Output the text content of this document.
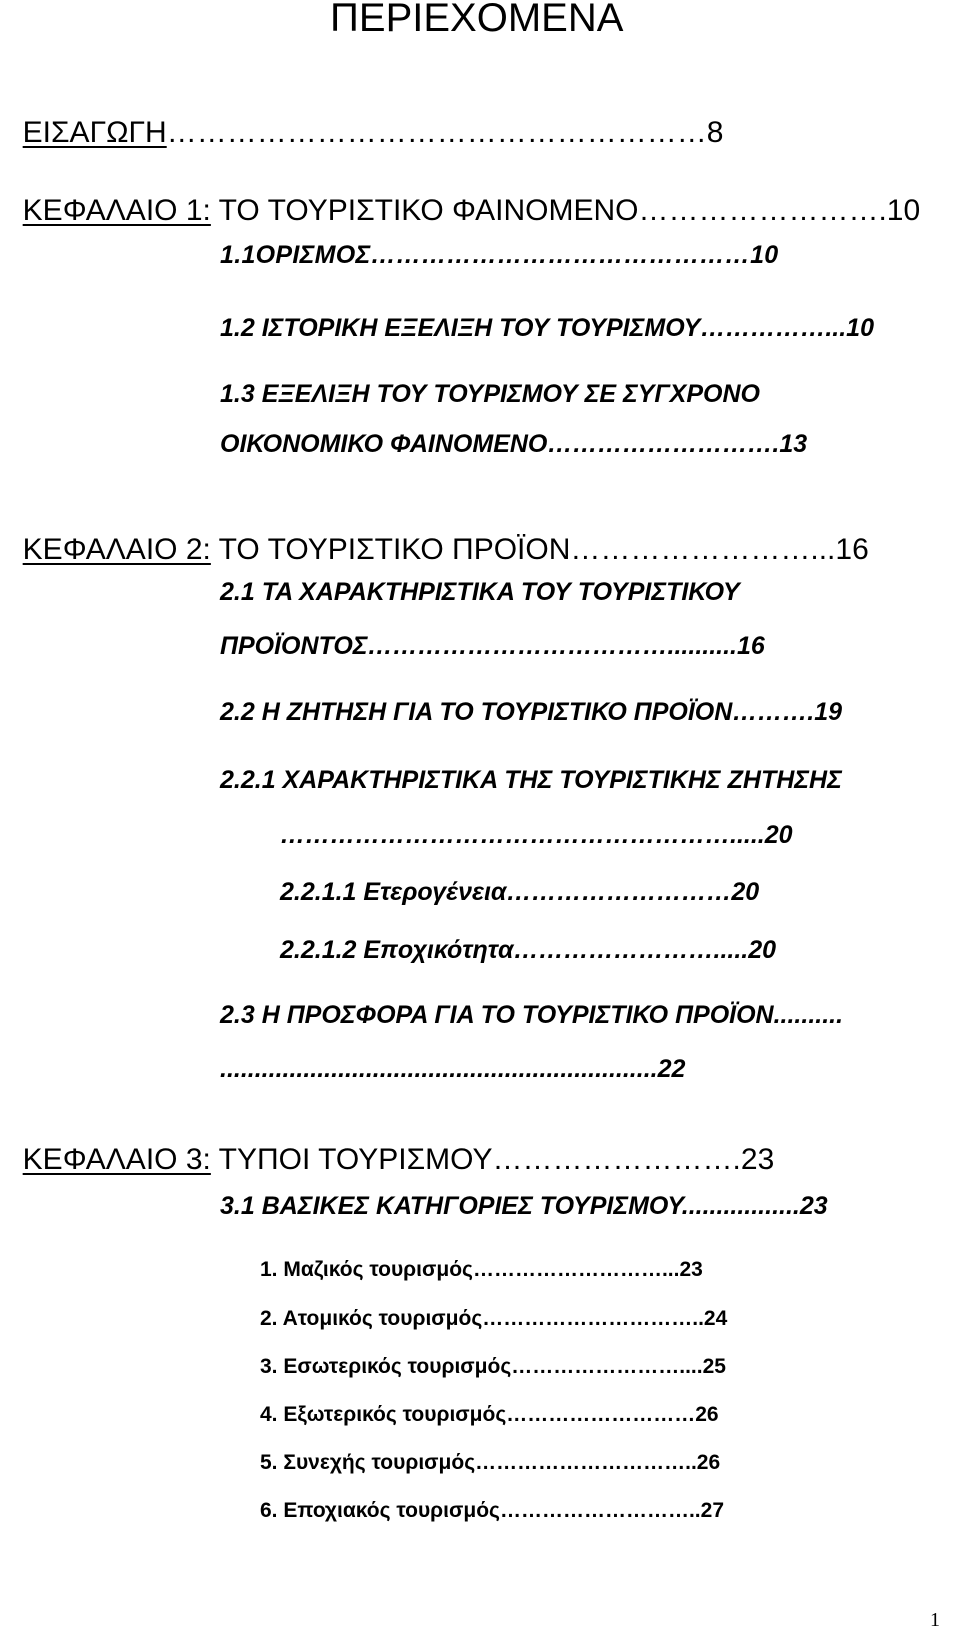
ΠΕΡΙΕΧΟΜΕΝΑ

ΕΙΣΑΓΩΓΗ………………………………………………8

ΚΕΦΑΛΑΙΟ 1: ΤΟ ΤΟΥΡΙΣΤΙΚΟ ΦΑΙΝΟΜΕΝΟ…………………….10

1.1ΟΡΙΣΜΟΣ………………………………………10
1.2 ΙΣΤΟΡΙΚΗ ΕΞΕΛΙΞΗ ΤΟΥ ΤΟΥΡΙΣΜΟΥ……………...10
1.3 ΕΞΕΛΙΞΗ ΤΟΥ ΤΟΥΡΙΣΜΟΥ ΣΕ ΣΥΓΧΡΟΝΟ
ΟΙΚΟΝΟΜΙΚΟ ΦΑΙΝΟΜΕΝΟ……………………….13

ΚΕΦΑΛΑΙΟ 2: ΤΟ ΤΟΥΡΙΣΤΙΚΟ ΠΡΟΪΟΝ……………………...16

2.1 ΤΑ ΧΑΡΑΚΤΗΡΙΣΤΙΚΑ ΤΟΥ ΤΟΥΡΙΣΤΙΚΟΥ
ΠΡΟΪΟΝΤΟΣ………………………………..........16
2.2 Η ΖΗΤΗΣΗ ΓΙΑ ΤΟ ΤΟΥΡΙΣΤΙΚΟ ΠΡΟΪΟΝ……….19
2.2.1 ΧΑΡΑΚΤΗΡΙΣΤΙΚΑ ΤΗΣ ΤΟΥΡΙΣΤΙΚΗΣ ΖΗΤΗΣΗΣ
……………………………………………….....20
2.2.1.1 Ετερογένεια………………………20
2.2.1.2 Εποχικότητα…………………….....20
2.3 Η ΠΡΟΣΦΟΡΑ ΓΙΑ ΤΟ ΤΟΥΡΙΣΤΙΚΟ ΠΡΟΪΟΝ..........
...............................................................22

ΚΕΦΑΛΑΙΟ 3: ΤΥΠΟΙ ΤΟΥΡΙΣΜΟΥ…………………….23

3.1 ΒΑΣΙΚΕΣ ΚΑΤΗΓΟΡΙΕΣ ΤΟΥΡΙΣΜΟΥ.................23
1. Μαζικός τουρισμός………………………...23
2. Ατομικός τουρισμός…………………………..24
3. Εσωτερικός τουρισμός……………………....25
4. Εξωτερικός τουρισμός………………………26
5. Συνεχής τουρισμός…………………………..26
6. Εποχιακός τουρισμός………………………..27
1
